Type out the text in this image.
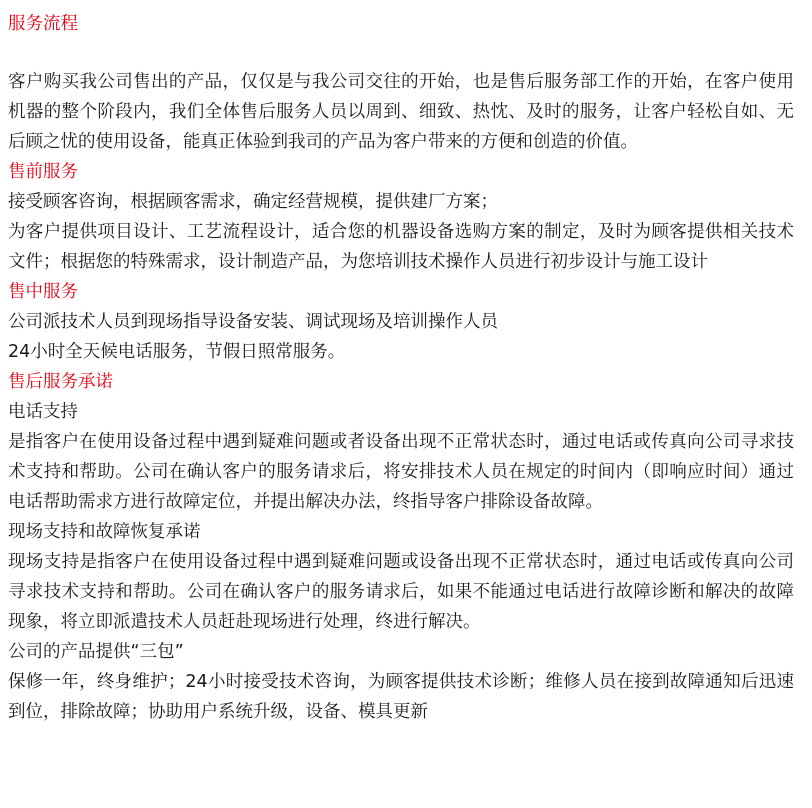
服务流程

客户购买我公司售出的产品，仅仅是与我公司交往的开始，也是售后服务部工作的开始，在客户使用机器的整个阶段内，我们全体售后服务人员以周到、细致、热忱、及时的服务，让客户轻松自如、无后顾之忧的使用设备，能真正体验到我司的产品为客户带来的方便和创造的价值。

售前服务

接受顾客咨询，根据顾客需求，确定经营规模，提供建厂方案；

为客户提供项目设计、工艺流程设计，适合您的机器设备选购方案的制定，及时为顾客提供相关技术文件；根据您的特殊需求，设计制造产品，为您培训技术操作人员进行初步设计与施工设计

售中服务

公司派技术人员到现场指导设备安装、调试现场及培训操作人员

24小时全天候电话服务，节假日照常服务。

售后服务承诺

电话支持

是指客户在使用设备过程中遇到疑难问题或者设备出现不正常状态时，通过电话或传真向公司寻求技术支持和帮助。公司在确认客户的服务请求后，将安排技术人员在规定的时间内（即响应时间）通过电话帮助需求方进行故障定位，并提出解决办法，终指导客户排除设备故障。

现场支持和故障恢复承诺

现场支持是指客户在使用设备过程中遇到疑难问题或设备出现不正常状态时，通过电话或传真向公司寻求技术支持和帮助。公司在确认客户的服务请求后，如果不能通过电话进行故障诊断和解决的故障现象，将立即派遣技术人员赶赴现场进行处理，终进行解决。

公司的产品提供“三包”

保修一年，终身维护；24小时接受技术咨询，为顾客提供技术诊断；维修人员在接到故障通知后迅速到位，排除故障；协助用户系统升级，设备、模具更新
